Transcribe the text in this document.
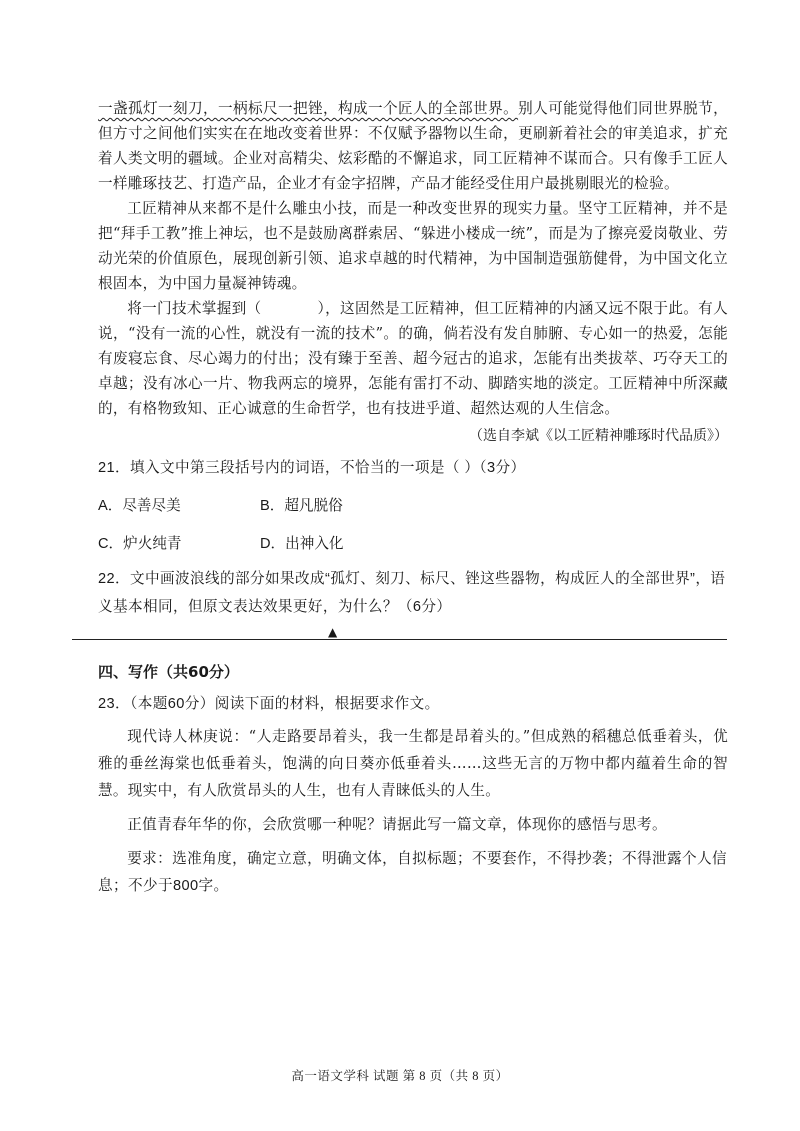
一盏孤灯一刻刀，一柄标尺一把锉，构成一个匠人的全部世界。别人可能觉得他们同世界脱节，但方寸之间他们实实在在地改变着世界：不仅赋予器物以生命，更刷新着社会的审美追求，扩充着人类文明的疆域。企业对高精尖、炫彩酷的不懈追求，同工匠精神不谋而合。只有像手工匠人一样雕琢技艺、打造产品，企业才有金字招牌，产品才能经受住用户最挑剔眼光的检验。

工匠精神从来都不是什么雕虫小技，而是一种改变世界的现实力量。坚守工匠精神，并不是把“拜手工教”推上神坛，也不是鼓励离群索居、“躲进小楼成一统”，而是为了擦亮爱岗敬业、劳动光荣的价值原色，展现创新引领、追求卓越的时代精神，为中国制造强筋健骨，为中国文化立根固本，为中国力量凝神铸魂。

将一门技术掌握到（	），这固然是工匠精神，但工匠精神的内涵又远不限于此。有人说，“没有一流的心性，就没有一流的技术”。的确，倘若没有发自肺腑、专心如一的热爱，怎能有废寝忘食、尽心竭力的付出；没有臻于至善、超今冠古的追求，怎能有出类拔萃、巧夺天工的卓越；没有冰心一片、物我两忘的境界，怎能有雷打不动、脚踏实地的淡定。工匠精神中所深藏的，有格物致知、正心诚意的生命哲学，也有技进乎道、超然达观的人生信念。

（选自李斌《以工匠精神雕琢时代品质》）

21．填入文中第三段括号内的词语，不恰当的一项是（ ）（3分）

A．尽善尽美	B．超凡脱俗
C．炉火纯青	D．出神入化

22．文中画波浪线的部分如果改成“孤灯、刻刀、标尺、锉这些器物，构成匠人的全部世界”，语义基本相同，但原文表达效果更好，为什么？（6分）

▲

四、写作（共60分）

23．（本题60分）阅读下面的材料，根据要求作文。

现代诗人林庚说：“人走路要昂着头，我一生都是昂着头的。”但成熟的稻穗总低垂着头，优雅的垂丝海棠也低垂着头，饱满的向日葵亦低垂着头……这些无言的万物中都内蕴着生命的智慧。现实中，有人欣赏昂头的人生，也有人青睐低头的人生。

正值青春年华的你，会欣赏哪一种呢？请据此写一篇文章，体现你的感悟与思考。

要求：选准角度，确定立意，明确文体，自拟标题；不要套作，不得抄袭；不得泄露个人信息；不少于800字。

高一语文学科 试题 第 8 页（共 8 页）
